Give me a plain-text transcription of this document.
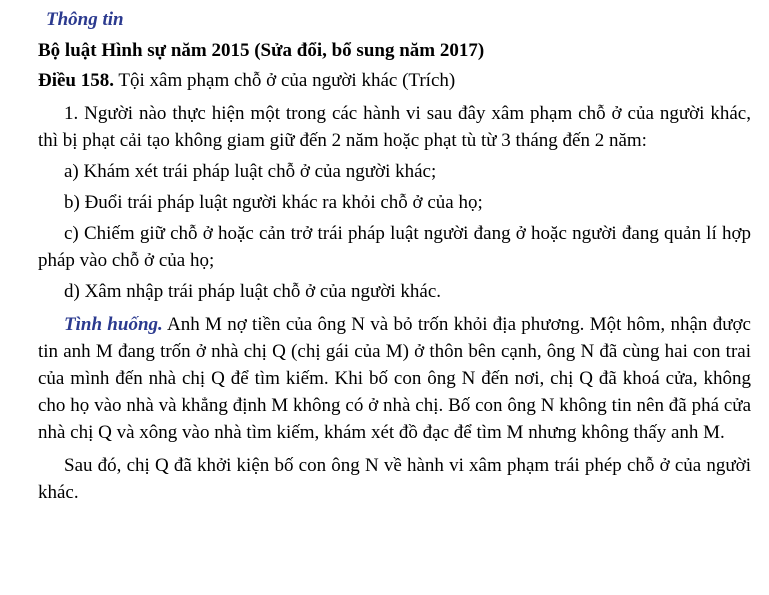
Thông tin
Bộ luật Hình sự năm 2015 (Sửa đổi, bổ sung năm 2017)
Điều 158. Tội xâm phạm chỗ ở của người khác (Trích)

1. Người nào thực hiện một trong các hành vi sau đây xâm phạm chỗ ở của người khác, thì bị phạt cải tạo không giam giữ đến 2 năm hoặc phạt tù từ 3 tháng đến 2 năm:

a) Khám xét trái pháp luật chỗ ở của người khác;

b) Đuổi trái pháp luật người khác ra khỏi chỗ ở của họ;

c) Chiếm giữ chỗ ở hoặc cản trở trái pháp luật người đang ở hoặc người đang quản lí hợp pháp vào chỗ ở của họ;

d) Xâm nhập trái pháp luật chỗ ở của người khác.

Tình huống. Anh M nợ tiền của ông N và bỏ trốn khỏi địa phương. Một hôm, nhận được tin anh M đang trốn ở nhà chị Q (chị gái của M) ở thôn bên cạnh, ông N đã cùng hai con trai của mình đến nhà chị Q để tìm kiếm. Khi bố con ông N đến nơi, chị Q đã khoá cửa, không cho họ vào nhà và khẳng định M không có ở nhà chị. Bố con ông N không tin nên đã phá cửa nhà chị Q và xông vào nhà tìm kiếm, khám xét đồ đạc để tìm M nhưng không thấy anh M.

Sau đó, chị Q đã khởi kiện bố con ông N về hành vi xâm phạm trái phép chỗ ở của người khác.
